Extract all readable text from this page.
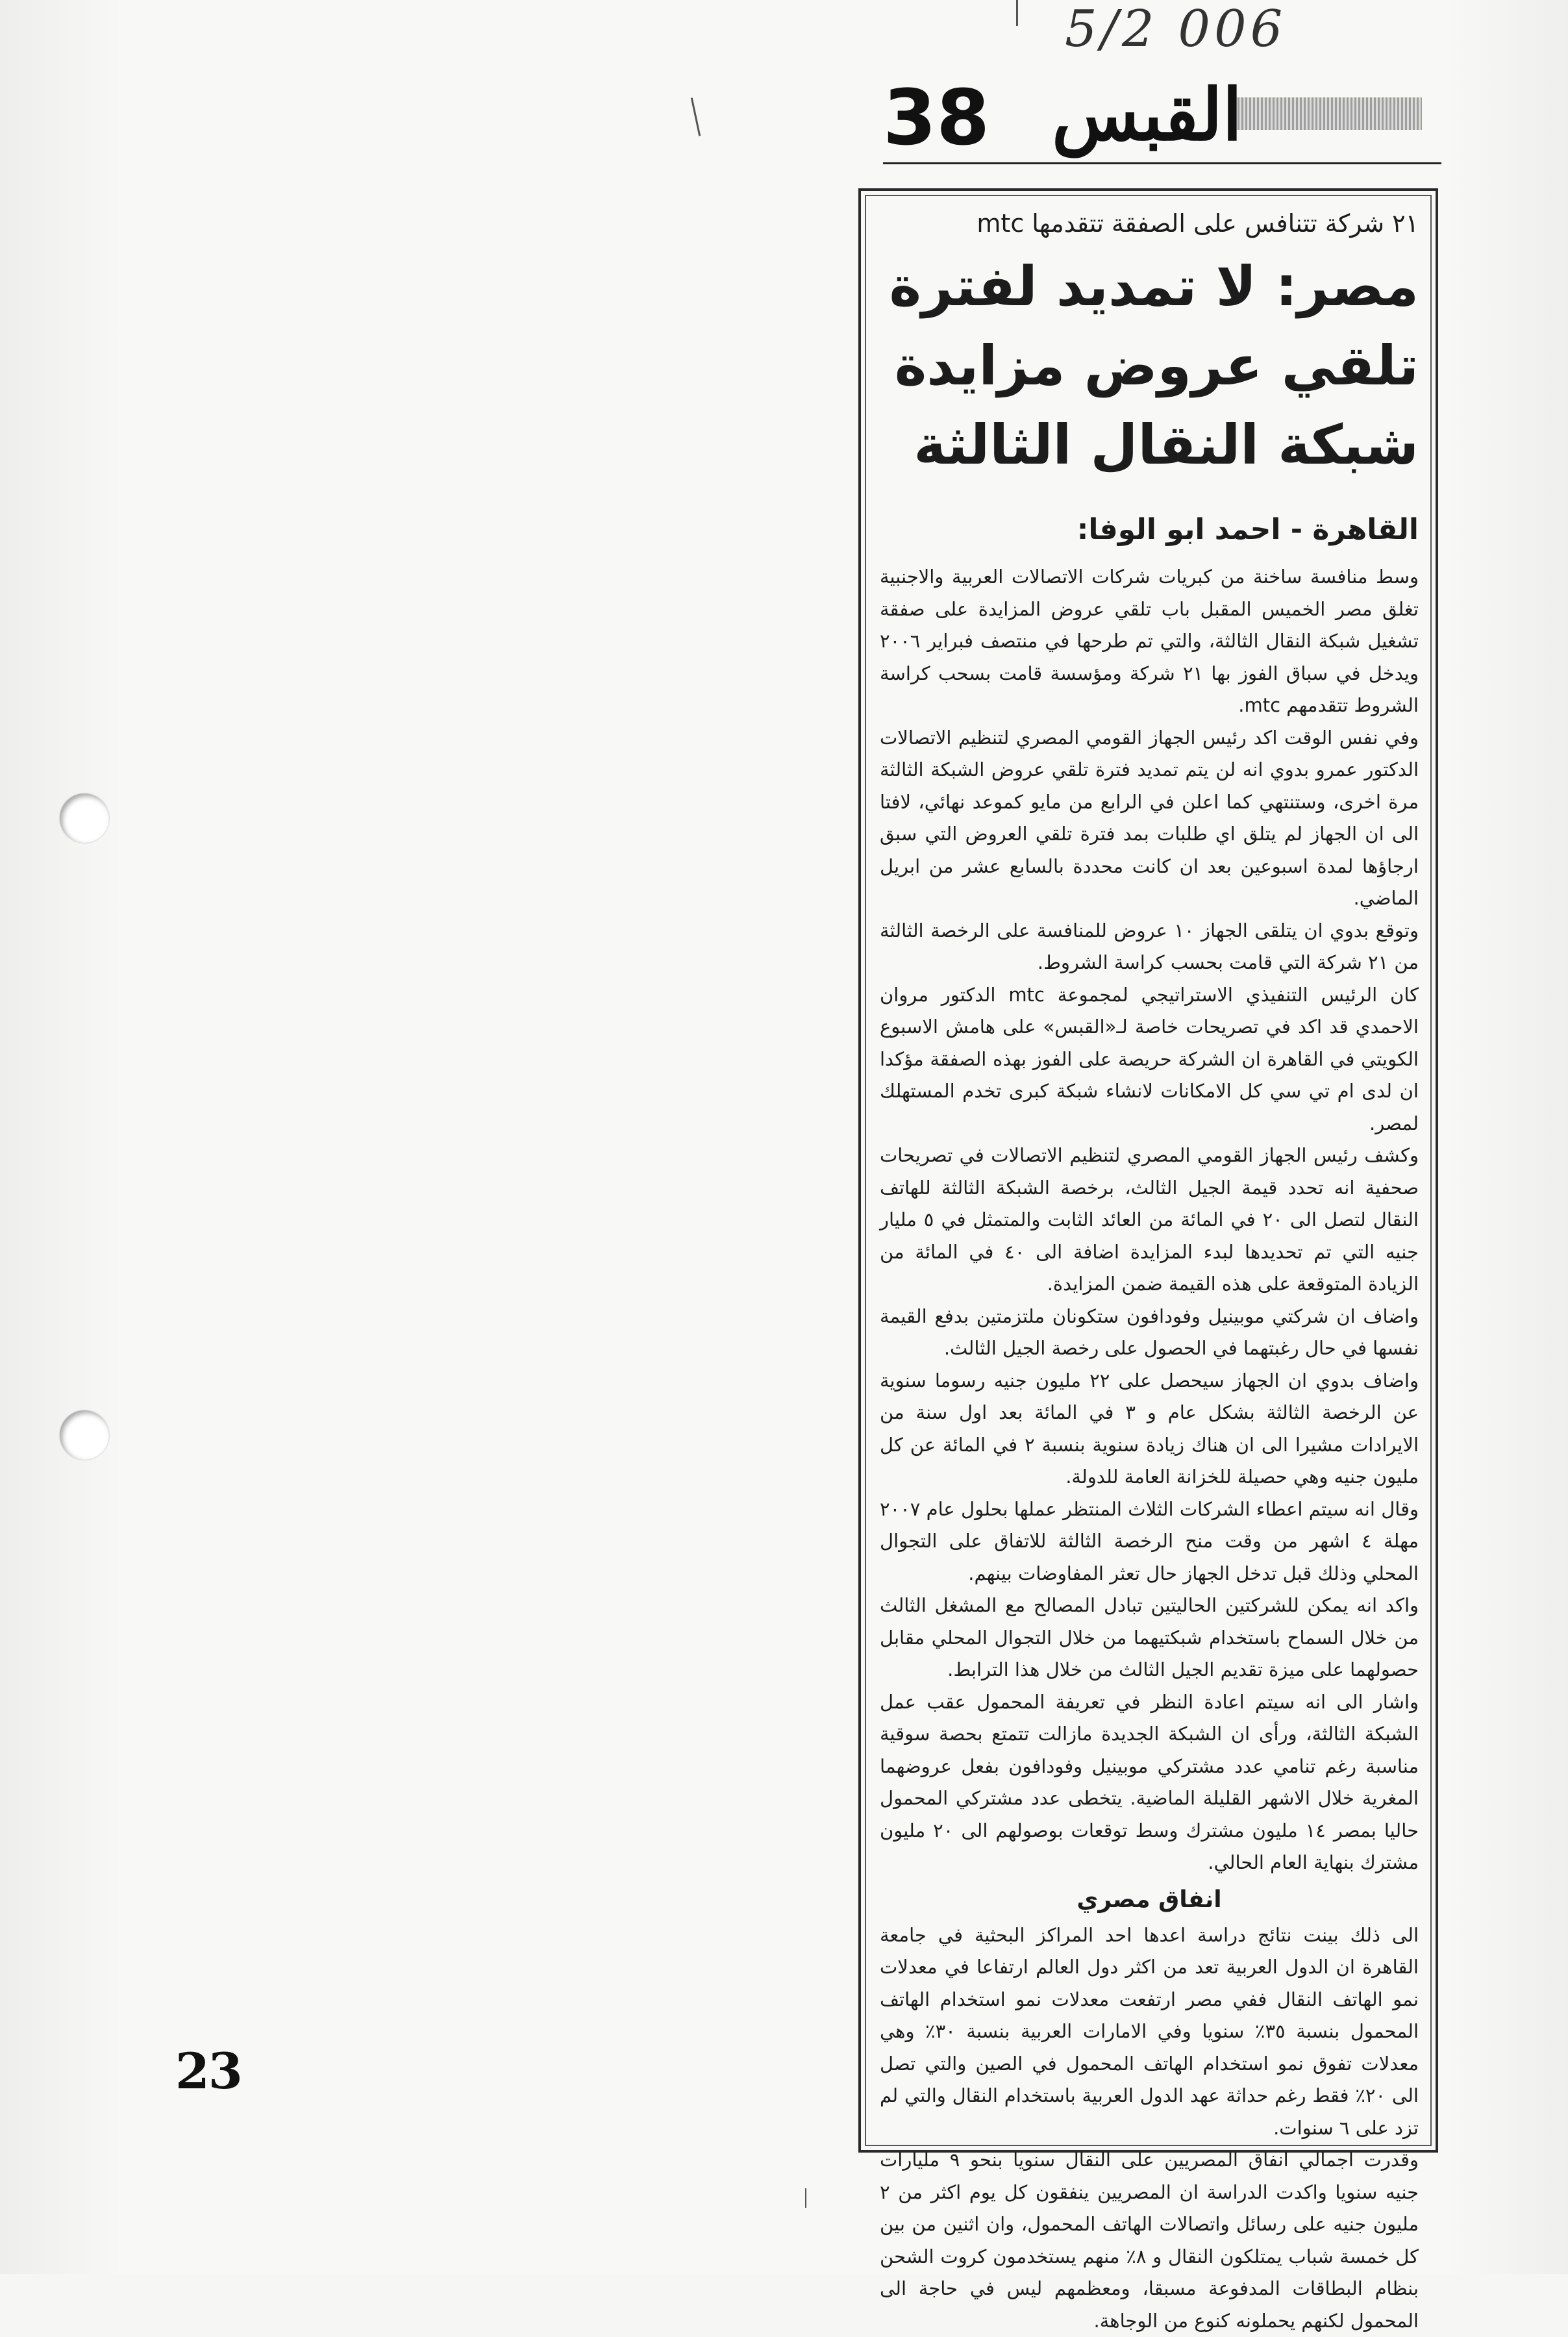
5/2 006
38 القبس
٢١ شركة تتنافس على الصفقة تتقدمها mtc
مصر: لا تمديد لفترة
تلقي عروض مزايدة
شبكة النقال الثالثة
القاهرة - احمد ابو الوفا:

وسط منافسة ساخنة من كبريات شركات الاتصالات العربية والاجنبية تغلق مصر الخميس المقبل باب تلقي عروض المزايدة على صفقة تشغيل شبكة النقال الثالثة، والتي تم طرحها في منتصف فبراير ٢٠٠٦ ويدخل في سباق الفوز بها ٢١ شركة ومؤسسة قامت بسحب كراسة الشروط تتقدمهم mtc.

وفي نفس الوقت اكد رئيس الجهاز القومي المصري لتنظيم الاتصالات الدكتور عمرو بدوي انه لن يتم تمديد فترة تلقي عروض الشبكة الثالثة مرة اخرى، وستنتهي كما اعلن في الرابع من مايو كموعد نهائي، لافتا الى ان الجهاز لم يتلق اي طلبات بمد فترة تلقي العروض التي سبق ارجاؤها لمدة اسبوعين بعد ان كانت محددة بالسابع عشر من ابريل الماضي.

وتوقع بدوي ان يتلقى الجهاز ١٠ عروض للمنافسة على الرخصة الثالثة من ٢١ شركة التي قامت بحسب كراسة الشروط.

كان الرئيس التنفيذي الاستراتيجي لمجموعة mtc الدكتور مروان الاحمدي قد اكد في تصريحات خاصة لـ«القبس» على هامش الاسبوع الكويتي في القاهرة ان الشركة حريصة على الفوز بهذه الصفقة مؤكدا ان لدى ام تي سي كل الامكانات لانشاء شبكة كبرى تخدم المستهلك لمصر.

وكشف رئيس الجهاز القومي المصري لتنظيم الاتصالات في تصريحات صحفية انه تحدد قيمة الجيل الثالث، برخصة الشبكة الثالثة للهاتف النقال لتصل الى ٢٠ في المائة من العائد الثابت والمتمثل في ٥ مليار جنيه التي تم تحديدها لبدء المزايدة اضافة الى ٤٠ في المائة من الزيادة المتوقعة على هذه القيمة ضمن المزايدة.

واضاف ان شركتي موبينيل وفودافون ستكونان ملتزمتين بدفع القيمة نفسها في حال رغبتهما في الحصول على رخصة الجيل الثالث.

واضاف بدوي ان الجهاز سيحصل على ٢٢ مليون جنيه رسوما سنوية عن الرخصة الثالثة بشكل عام و ٣ في المائة بعد اول سنة من الايرادات مشيرا الى ان هناك زيادة سنوية بنسبة ٢ في المائة عن كل مليون جنيه وهي حصيلة للخزانة العامة للدولة.

وقال انه سيتم اعطاء الشركات الثلاث المنتظر عملها بحلول عام ٢٠٠٧ مهلة ٤ اشهر من وقت منح الرخصة الثالثة للاتفاق على التجوال المحلي وذلك قبل تدخل الجهاز حال تعثر المفاوضات بينهم.

واكد انه يمكن للشركتين الحاليتين تبادل المصالح مع المشغل الثالث من خلال السماح باستخدام شبكتيهما من خلال التجوال المحلي مقابل حصولهما على ميزة تقديم الجيل الثالث من خلال هذا الترابط.

واشار الى انه سيتم اعادة النظر في تعريفة المحمول عقب عمل الشبكة الثالثة، ورأى ان الشبكة الجديدة مازالت تتمتع بحصة سوقية مناسبة رغم تنامي عدد مشتركي موبينيل وفودافون بفعل عروضهما المغرية خلال الاشهر القليلة الماضية. يتخطى عدد مشتركي المحمول حاليا بمصر ١٤ مليون مشترك وسط توقعات بوصولهم الى ٢٠ مليون مشترك بنهاية العام الحالي.

انفاق مصري

الى ذلك بينت نتائج دراسة اعدها احد المراكز البحثية في جامعة القاهرة ان الدول العربية تعد من اكثر دول العالم ارتفاعا في معدلات نمو الهاتف النقال ففي مصر ارتفعت معدلات نمو استخدام الهاتف المحمول بنسبة ٣٥٪ سنويا وفي الامارات العربية بنسبة ٣٠٪ وهي معدلات تفوق نمو استخدام الهاتف المحمول في الصين والتي تصل الى ٢٠٪ فقط رغم حداثة عهد الدول العربية باستخدام النقال والتي لم تزد على ٦ سنوات.

وقدرت اجمالي انفاق المصريين على النقال سنويا بنحو ٩ مليارات جنيه سنويا واكدت الدراسة ان المصريين ينفقون كل يوم اكثر من ٢ مليون جنيه على رسائل واتصالات الهاتف المحمول، وان اثنين من بين كل خمسة شباب يمتلكون النقال و ٨٪ منهم يستخدمون كروت الشحن بنظام البطاقات المدفوعة مسبقا، ومعظمهم ليس في حاجة الى المحمول لكنهم يحملونه كنوع من الوجاهة.

23
